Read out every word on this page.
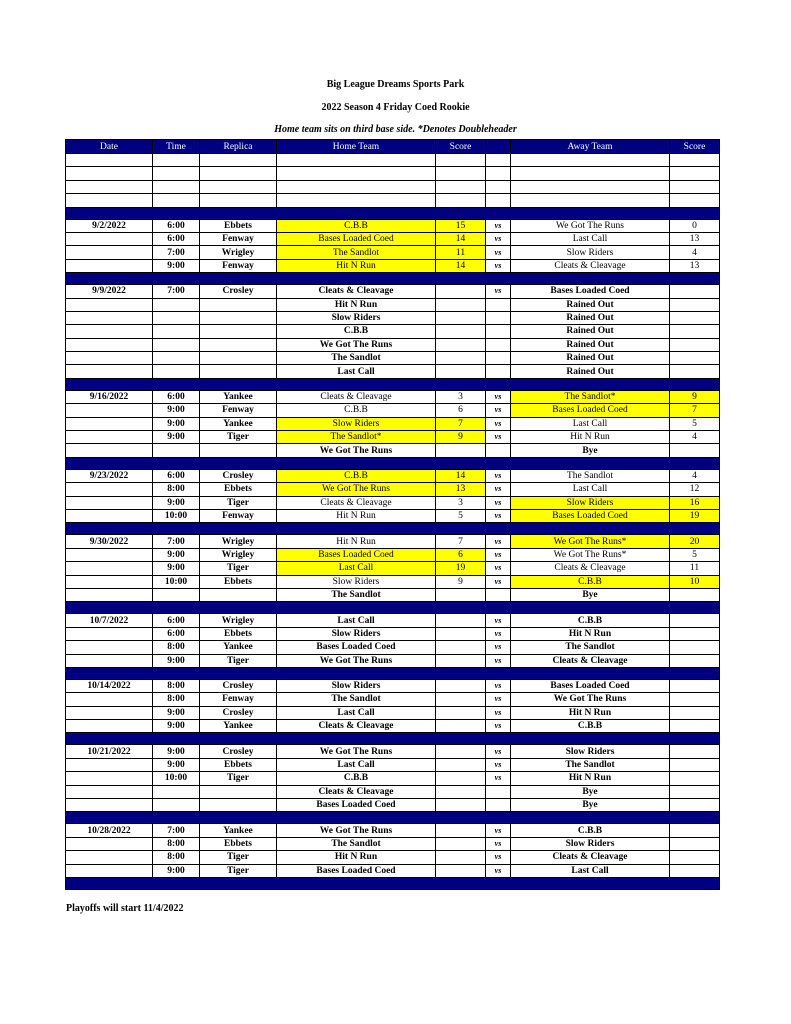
Big League Dreams Sports Park
2022 Season 4 Friday Coed Rookie
Home team sits on third base side. *Denotes Doubleheader
Date	Time	Replica	Home Team	Score		Away Team	Score

9/2/2022	6:00	Ebbets	C.B.B	15	vs	We Got The Runs	0
	6:00	Fenway	Bases Loaded Coed	14	vs	Last Call	13
	7:00	Wrigley	The Sandlot	11	vs	Slow Riders	4
	9:00	Fenway	Hit N Run	14	vs	Cleats & Cleavage	13

9/9/2022	7:00	Crosley	Cleats & Cleavage		vs	Bases Loaded Coed	
			Hit N Run			Rained Out	
			Slow Riders			Rained Out	
			C.B.B			Rained Out	
			We Got The Runs			Rained Out	
			The Sandlot			Rained Out	
			Last Call			Rained Out	

9/16/2022	6:00	Yankee	Cleats & Cleavage	3	vs	The Sandlot*	9
	9:00	Fenway	C.B.B	6	vs	Bases Loaded Coed	7
	9:00	Yankee	Slow Riders	7	vs	Last Call	5
	9:00	Tiger	The Sandlot*	9	vs	Hit N Run	4
			We Got The Runs			Bye	

9/23/2022	6:00	Crosley	C.B.B	14	vs	The Sandlot	4
	8:00	Ebbets	We Got The Runs	13	vs	Last Call	12
	9:00	Tiger	Cleats & Cleavage	3	vs	Slow Riders	16
	10:00	Fenway	Hit N Run	5	vs	Bases Loaded Coed	19

9/30/2022	7:00	Wrigley	Hit N Run	7	vs	We Got The Runs*	20
	9:00	Wrigley	Bases Loaded Coed	6	vs	We Got The Runs*	5
	9:00	Tiger	Last Call	19	vs	Cleats & Cleavage	11
	10:00	Ebbets	Slow Riders	9	vs	C.B.B	10
			The Sandlot			Bye	

10/7/2022	6:00	Wrigley	Last Call		vs	C.B.B	
	6:00	Ebbets	Slow Riders		vs	Hit N Run	
	8:00	Yankee	Bases Loaded Coed		vs	The Sandlot	
	9:00	Tiger	We Got The Runs		vs	Cleats & Cleavage	

10/14/2022	8:00	Crosley	Slow Riders		vs	Bases Loaded Coed	
	8:00	Fenway	The Sandlot		vs	We Got The Runs	
	9:00	Crosley	Last Call		vs	Hit N Run	
	9:00	Yankee	Cleats & Cleavage		vs	C.B.B	

10/21/2022	9:00	Crosley	We Got The Runs		vs	Slow Riders	
	9:00	Ebbets	Last Call		vs	The Sandlot	
	10:00	Tiger	C.B.B		vs	Hit N Run	
			Cleats & Cleavage			Bye	
			Bases Loaded Coed			Bye	

10/28/2022	7:00	Yankee	We Got The Runs		vs	C.B.B	
	8:00	Ebbets	The Sandlot		vs	Slow Riders	
	8:00	Tiger	Hit N Run		vs	Cleats & Cleavage	
	9:00	Tiger	Bases Loaded Coed		vs	Last Call	

Playoffs will start 11/4/2022
